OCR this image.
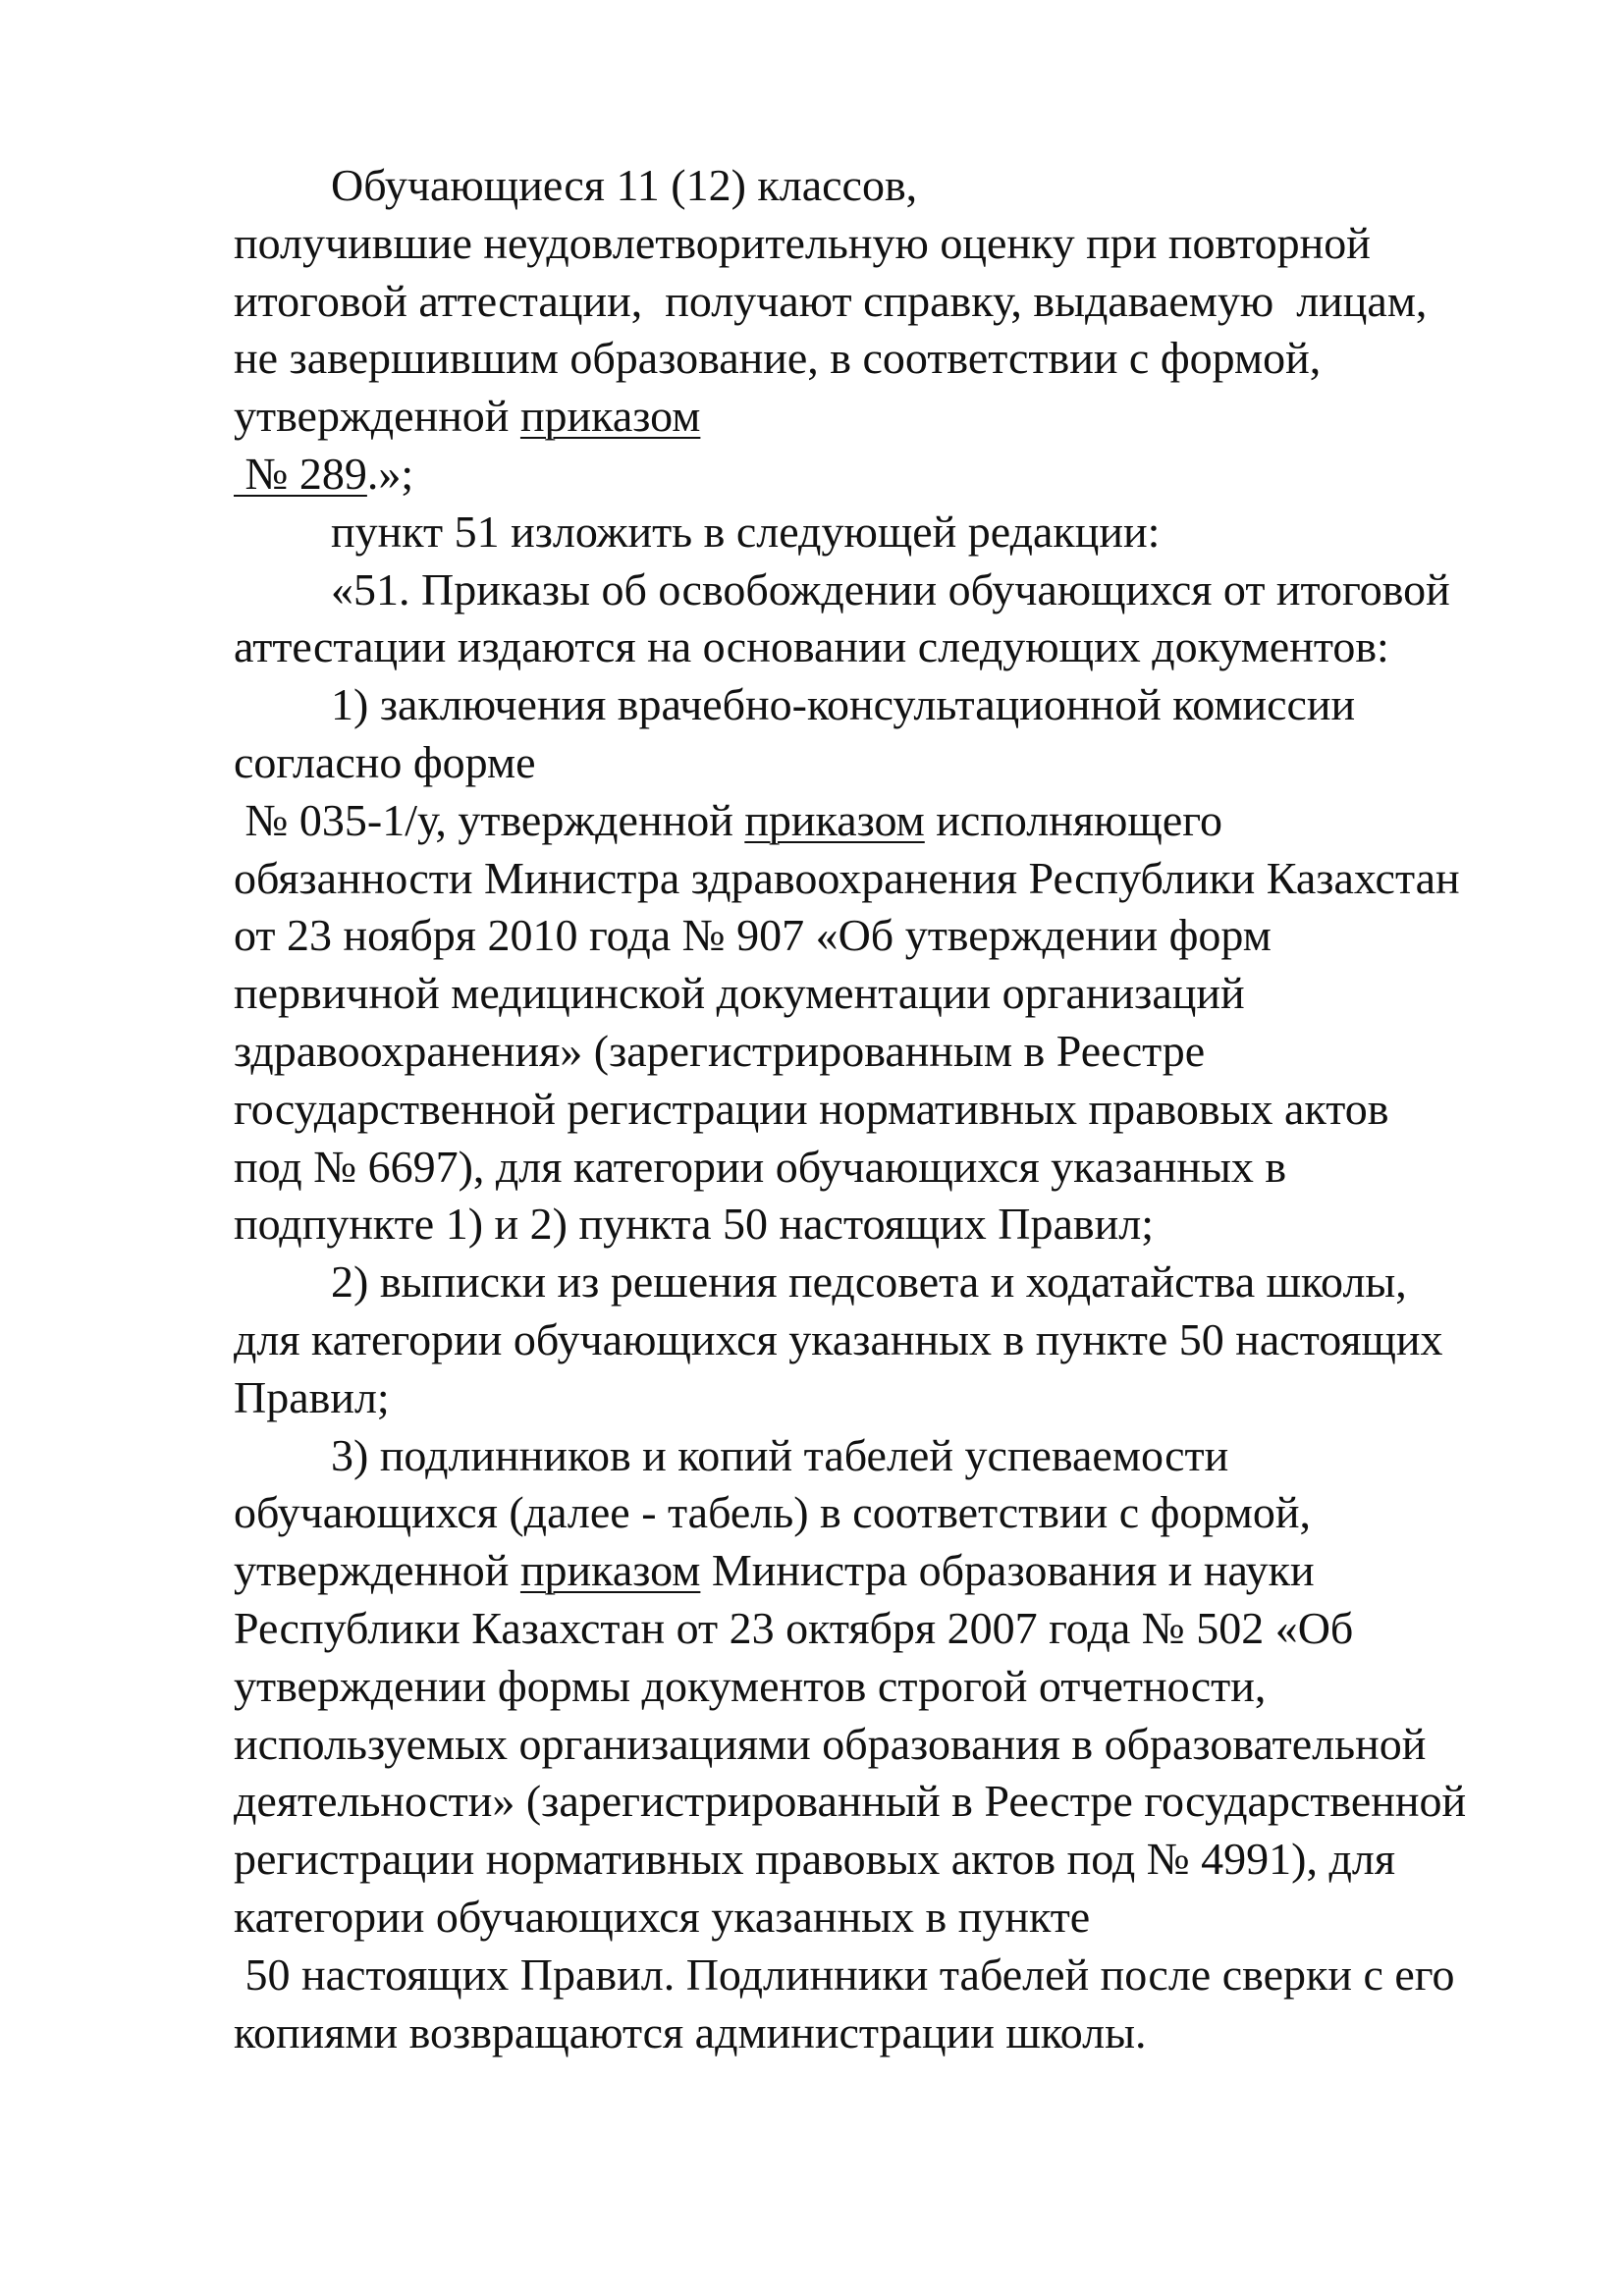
Обучающиеся 11 (12) классов,
получившие неудовлетворительную оценку при повторной
итоговой аттестации,  получают справку, выдаваемую  лицам,
не завершившим образование, в соответствии с формой,
утвержденной приказом
№ 289.»;
пункт 51 изложить в следующей редакции:
«51. Приказы об освобождении обучающихся от итоговой
аттестации издаются на основании следующих документов:
1) заключения врачебно-консультационной комиссии
согласно форме
№ 035-1/у, утвержденной приказом исполняющего
обязанности Министра здравоохранения Республики Казахстан
от 23 ноября 2010 года № 907 «Об утверждении форм
первичной медицинской документации организаций
здравоохранения» (зарегистрированным в Реестре
государственной регистрации нормативных правовых актов
под № 6697), для категории обучающихся указанных в
подпункте 1) и 2) пункта 50 настоящих Правил;
2) выписки из решения педсовета и ходатайства школы,
для категории обучающихся указанных в пункте 50 настоящих
Правил;
3) подлинников и копий табелей успеваемости
обучающихся (далее - табель) в соответствии с формой,
утвержденной приказом Министра образования и науки
Республики Казахстан от 23 октября 2007 года № 502 «Об
утверждении формы документов строгой отчетности,
используемых организациями образования в образовательной
деятельности» (зарегистрированный в Реестре государственной
регистрации нормативных правовых актов под № 4991), для
категории обучающихся указанных в пункте
50 настоящих Правил. Подлинники табелей после сверки с его
копиями возвращаются администрации школы.
